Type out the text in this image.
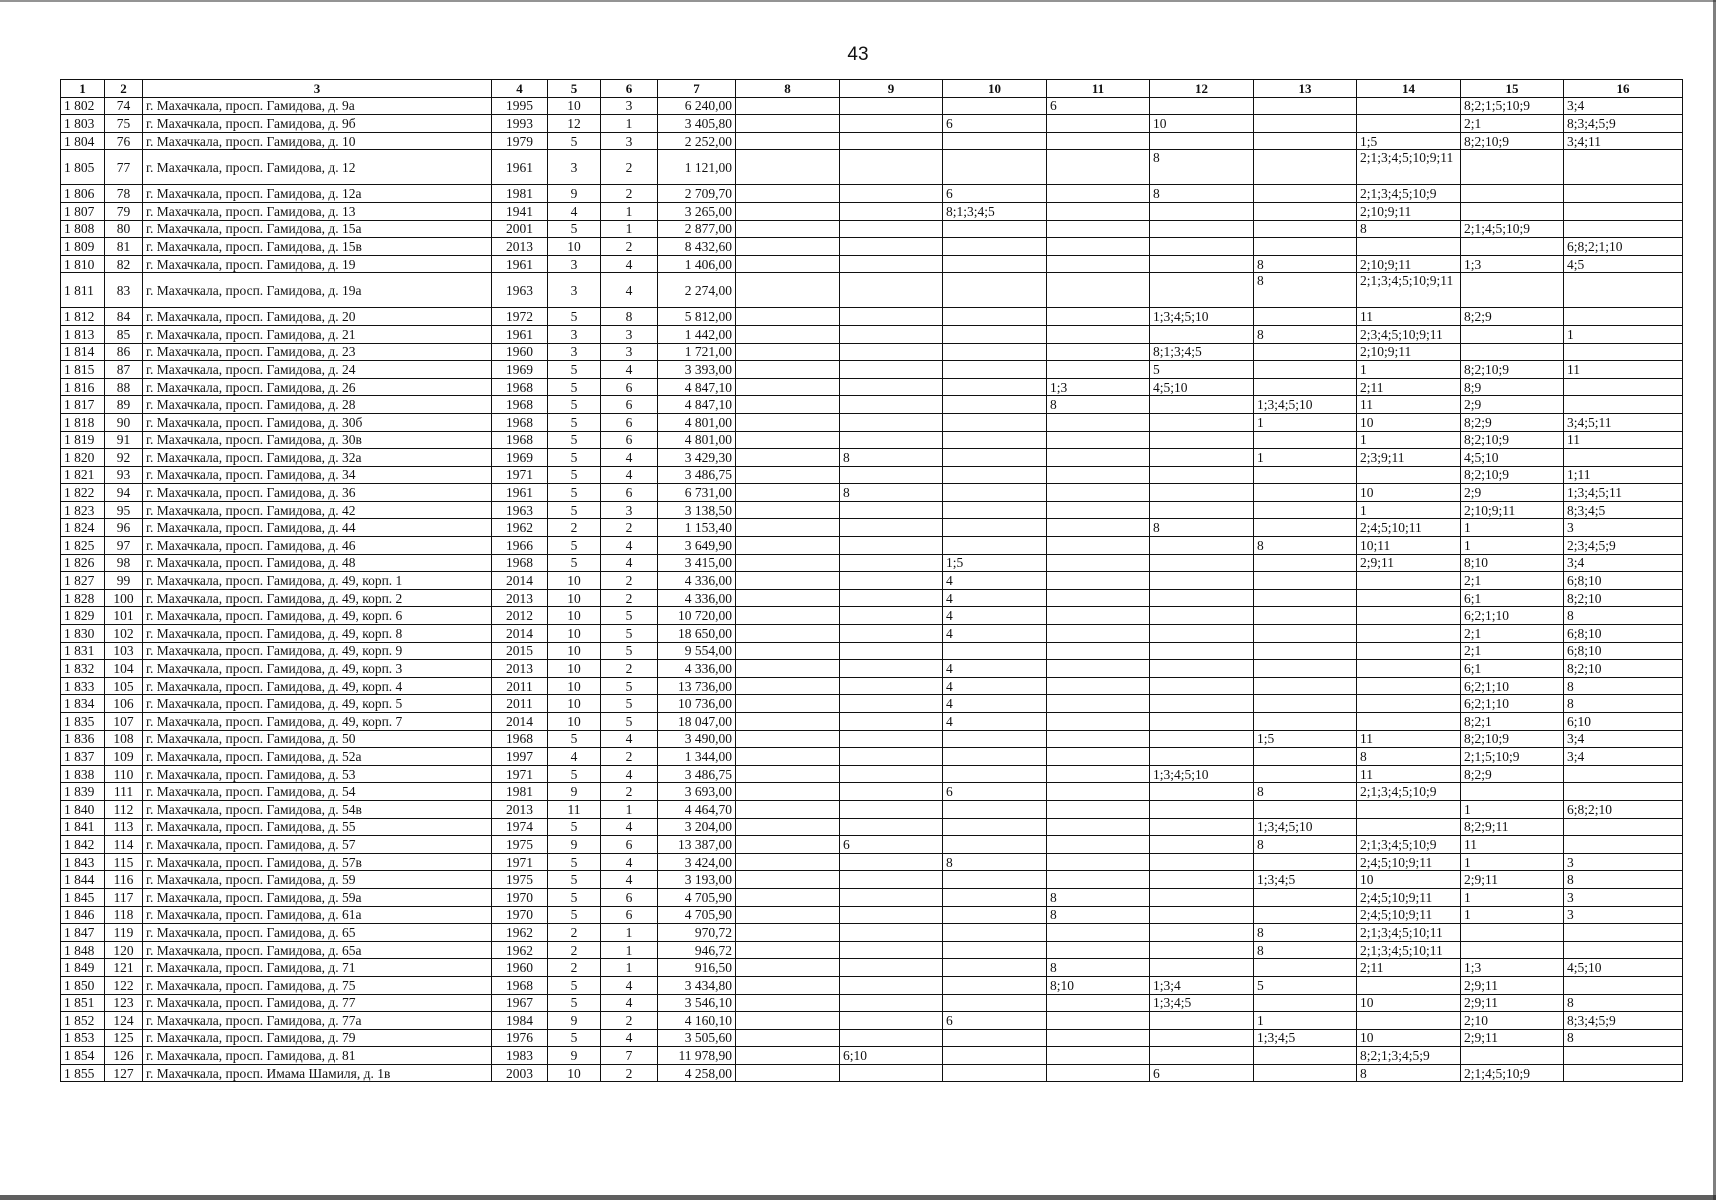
43
1	2	3	4	5	6	7	8	9	10	11	12	13	14	15	16
1 802	74	г. Махачкала, просп. Гамидова, д. 9а	1995	10	3	6 240,00				6				8;2;1;5;10;9	3;4
1 803	75	г. Махачкала, просп. Гамидова, д. 9б	1993	12	1	3 405,80			6		10			2;1	8;3;4;5;9
1 804	76	г. Махачкала, просп. Гамидова, д. 10	1979	5	3	2 252,00							1;5	8;2;10;9	3;4;11
1 805	77	г. Махачкала, просп. Гамидова, д. 12	1961	3	2	1 121,00					8		2;1;3;4;5;10;9;11		
1 806	78	г. Махачкала, просп. Гамидова, д. 12а	1981	9	2	2 709,70			6		8		2;1;3;4;5;10;9		
1 807	79	г. Махачкала, просп. Гамидова, д. 13	1941	4	1	3 265,00			8;1;3;4;5				2;10;9;11		
1 808	80	г. Махачкала, просп. Гамидова, д. 15а	2001	5	1	2 877,00							8	2;1;4;5;10;9	
1 809	81	г. Махачкала, просп. Гамидова, д. 15в	2013	10	2	8 432,60									6;8;2;1;10
1 810	82	г. Махачкала, просп. Гамидова, д. 19	1961	3	4	1 406,00						8	2;10;9;11	1;3	4;5
1 811	83	г. Махачкала, просп. Гамидова, д. 19а	1963	3	4	2 274,00						8	2;1;3;4;5;10;9;11		
1 812	84	г. Махачкала, просп. Гамидова, д. 20	1972	5	8	5 812,00					1;3;4;5;10		11	8;2;9	
1 813	85	г. Махачкала, просп. Гамидова, д. 21	1961	3	3	1 442,00						8	2;3;4;5;10;9;11		1
1 814	86	г. Махачкала, просп. Гамидова, д. 23	1960	3	3	1 721,00					8;1;3;4;5		2;10;9;11		
1 815	87	г. Махачкала, просп. Гамидова, д. 24	1969	5	4	3 393,00					5		1	8;2;10;9	11
1 816	88	г. Махачкала, просп. Гамидова, д. 26	1968	5	6	4 847,10				1;3	4;5;10		2;11	8;9	
1 817	89	г. Махачкала, просп. Гамидова, д. 28	1968	5	6	4 847,10				8		1;3;4;5;10	11	2;9	
1 818	90	г. Махачкала, просп. Гамидова, д. 30б	1968	5	6	4 801,00						1	10	8;2;9	3;4;5;11
1 819	91	г. Махачкала, просп. Гамидова, д. 30в	1968	5	6	4 801,00							1	8;2;10;9	11
1 820	92	г. Махачкала, просп. Гамидова, д. 32а	1969	5	4	3 429,30		8				1	2;3;9;11	4;5;10	
1 821	93	г. Махачкала, просп. Гамидова, д. 34	1971	5	4	3 486,75								8;2;10;9	1;11
1 822	94	г. Махачкала, просп. Гамидова, д. 36	1961	5	6	6 731,00		8					10	2;9	1;3;4;5;11
1 823	95	г. Махачкала, просп. Гамидова, д. 42	1963	5	3	3 138,50							1	2;10;9;11	8;3;4;5
1 824	96	г. Махачкала, просп. Гамидова, д. 44	1962	2	2	1 153,40					8		2;4;5;10;11	1	3
1 825	97	г. Махачкала, просп. Гамидова, д. 46	1966	5	4	3 649,90						8	10;11	1	2;3;4;5;9
1 826	98	г. Махачкала, просп. Гамидова, д. 48	1968	5	4	3 415,00			1;5				2;9;11	8;10	3;4
1 827	99	г. Махачкала, просп. Гамидова, д. 49, корп. 1	2014	10	2	4 336,00			4					2;1	6;8;10
1 828	100	г. Махачкала, просп. Гамидова, д. 49, корп. 2	2013	10	2	4 336,00			4					6;1	8;2;10
1 829	101	г. Махачкала, просп. Гамидова, д. 49, корп. 6	2012	10	5	10 720,00			4					6;2;1;10	8
1 830	102	г. Махачкала, просп. Гамидова, д. 49, корп. 8	2014	10	5	18 650,00			4					2;1	6;8;10
1 831	103	г. Махачкала, просп. Гамидова, д. 49, корп. 9	2015	10	5	9 554,00								2;1	6;8;10
1 832	104	г. Махачкала, просп. Гамидова, д. 49, корп. 3	2013	10	2	4 336,00			4					6;1	8;2;10
1 833	105	г. Махачкала, просп. Гамидова, д. 49, корп. 4	2011	10	5	13 736,00			4					6;2;1;10	8
1 834	106	г. Махачкала, просп. Гамидова, д. 49, корп. 5	2011	10	5	10 736,00			4					6;2;1;10	8
1 835	107	г. Махачкала, просп. Гамидова, д. 49, корп. 7	2014	10	5	18 047,00			4					8;2;1	6;10
1 836	108	г. Махачкала, просп. Гамидова, д. 50	1968	5	4	3 490,00						1;5	11	8;2;10;9	3;4
1 837	109	г. Махачкала, просп. Гамидова, д. 52а	1997	4	2	1 344,00							8	2;1;5;10;9	3;4
1 838	110	г. Махачкала, просп. Гамидова, д. 53	1971	5	4	3 486,75					1;3;4;5;10		11	8;2;9	
1 839	111	г. Махачкала, просп. Гамидова, д. 54	1981	9	2	3 693,00			6			8	2;1;3;4;5;10;9		
1 840	112	г. Махачкала, просп. Гамидова, д. 54в	2013	11	1	4 464,70								1	6;8;2;10
1 841	113	г. Махачкала, просп. Гамидова, д. 55	1974	5	4	3 204,00						1;3;4;5;10		8;2;9;11	
1 842	114	г. Махачкала, просп. Гамидова, д. 57	1975	9	6	13 387,00		6				8	2;1;3;4;5;10;9	11	
1 843	115	г. Махачкала, просп. Гамидова, д. 57в	1971	5	4	3 424,00			8				2;4;5;10;9;11	1	3
1 844	116	г. Махачкала, просп. Гамидова, д. 59	1975	5	4	3 193,00						1;3;4;5	10	2;9;11	8
1 845	117	г. Махачкала, просп. Гамидова, д. 59а	1970	5	6	4 705,90				8			2;4;5;10;9;11	1	3
1 846	118	г. Махачкала, просп. Гамидова, д. 61а	1970	5	6	4 705,90				8			2;4;5;10;9;11	1	3
1 847	119	г. Махачкала, просп. Гамидова, д. 65	1962	2	1	970,72						8	2;1;3;4;5;10;11		
1 848	120	г. Махачкала, просп. Гамидова, д. 65а	1962	2	1	946,72						8	2;1;3;4;5;10;11		
1 849	121	г. Махачкала, просп. Гамидова, д. 71	1960	2	1	916,50				8			2;11	1;3	4;5;10
1 850	122	г. Махачкала, просп. Гамидова, д. 75	1968	5	4	3 434,80				8;10	1;3;4	5		2;9;11	
1 851	123	г. Махачкала, просп. Гамидова, д. 77	1967	5	4	3 546,10					1;3;4;5		10	2;9;11	8
1 852	124	г. Махачкала, просп. Гамидова, д. 77а	1984	9	2	4 160,10			6			1		2;10	8;3;4;5;9
1 853	125	г. Махачкала, просп. Гамидова, д. 79	1976	5	4	3 505,60						1;3;4;5	10	2;9;11	8
1 854	126	г. Махачкала, просп. Гамидова, д. 81	1983	9	7	11 978,90		6;10					8;2;1;3;4;5;9		
1 855	127	г. Махачкала, просп. Имама Шамиля, д. 1в	2003	10	2	4 258,00					6		8	2;1;4;5;10;9	
